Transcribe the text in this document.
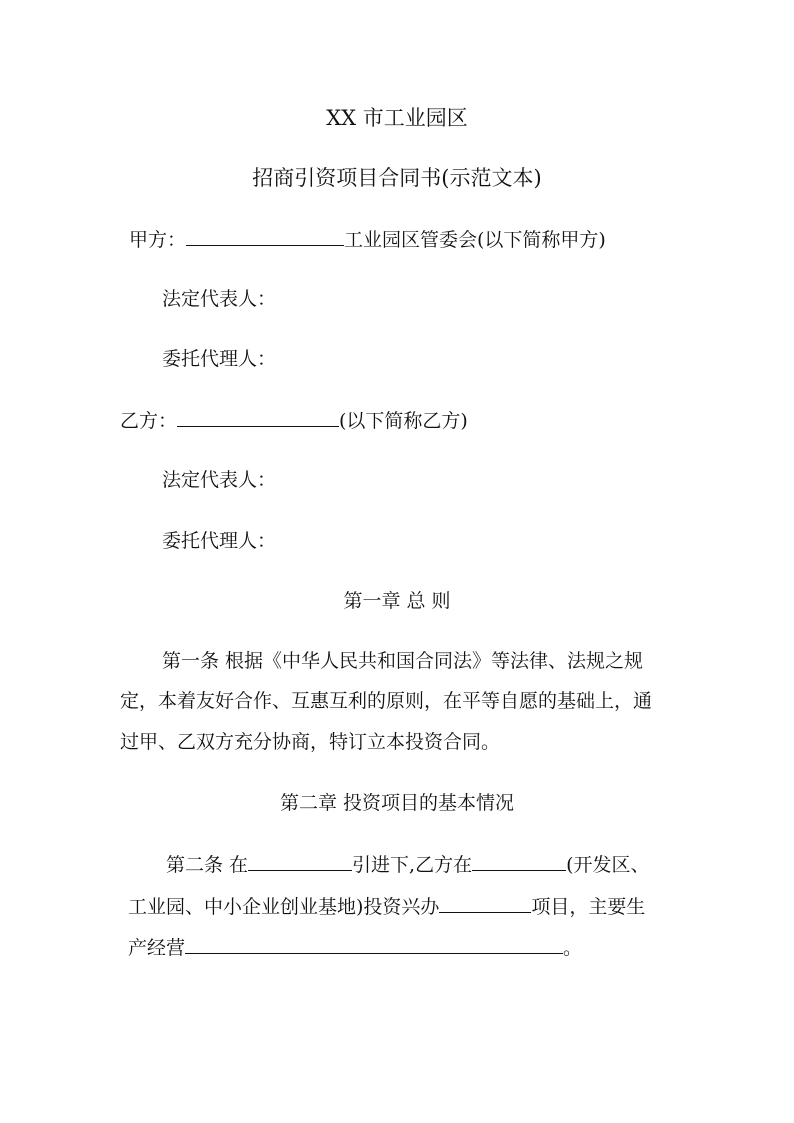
XX 市工业园区
招商引资项目合同书(示范文本)
甲方：	工业园区管委会(以下简称甲方)
法定代表人：
委托代理人：
乙方：	(以下简称乙方)
法定代表人：
委托代理人：
第一章 总 则
第一条 根据《中华人民共和国合同法》等法律、法规之规
定，本着友好合作、互惠互利的原则，在平等自愿的基础上，通
过甲、乙双方充分协商，特订立本投资合同。
第二章 投资项目的基本情况
第二条 在	引进下,乙方在	(开发区、
工业园、中小企业创业基地)投资兴办	项目，主要生
产经营	。
